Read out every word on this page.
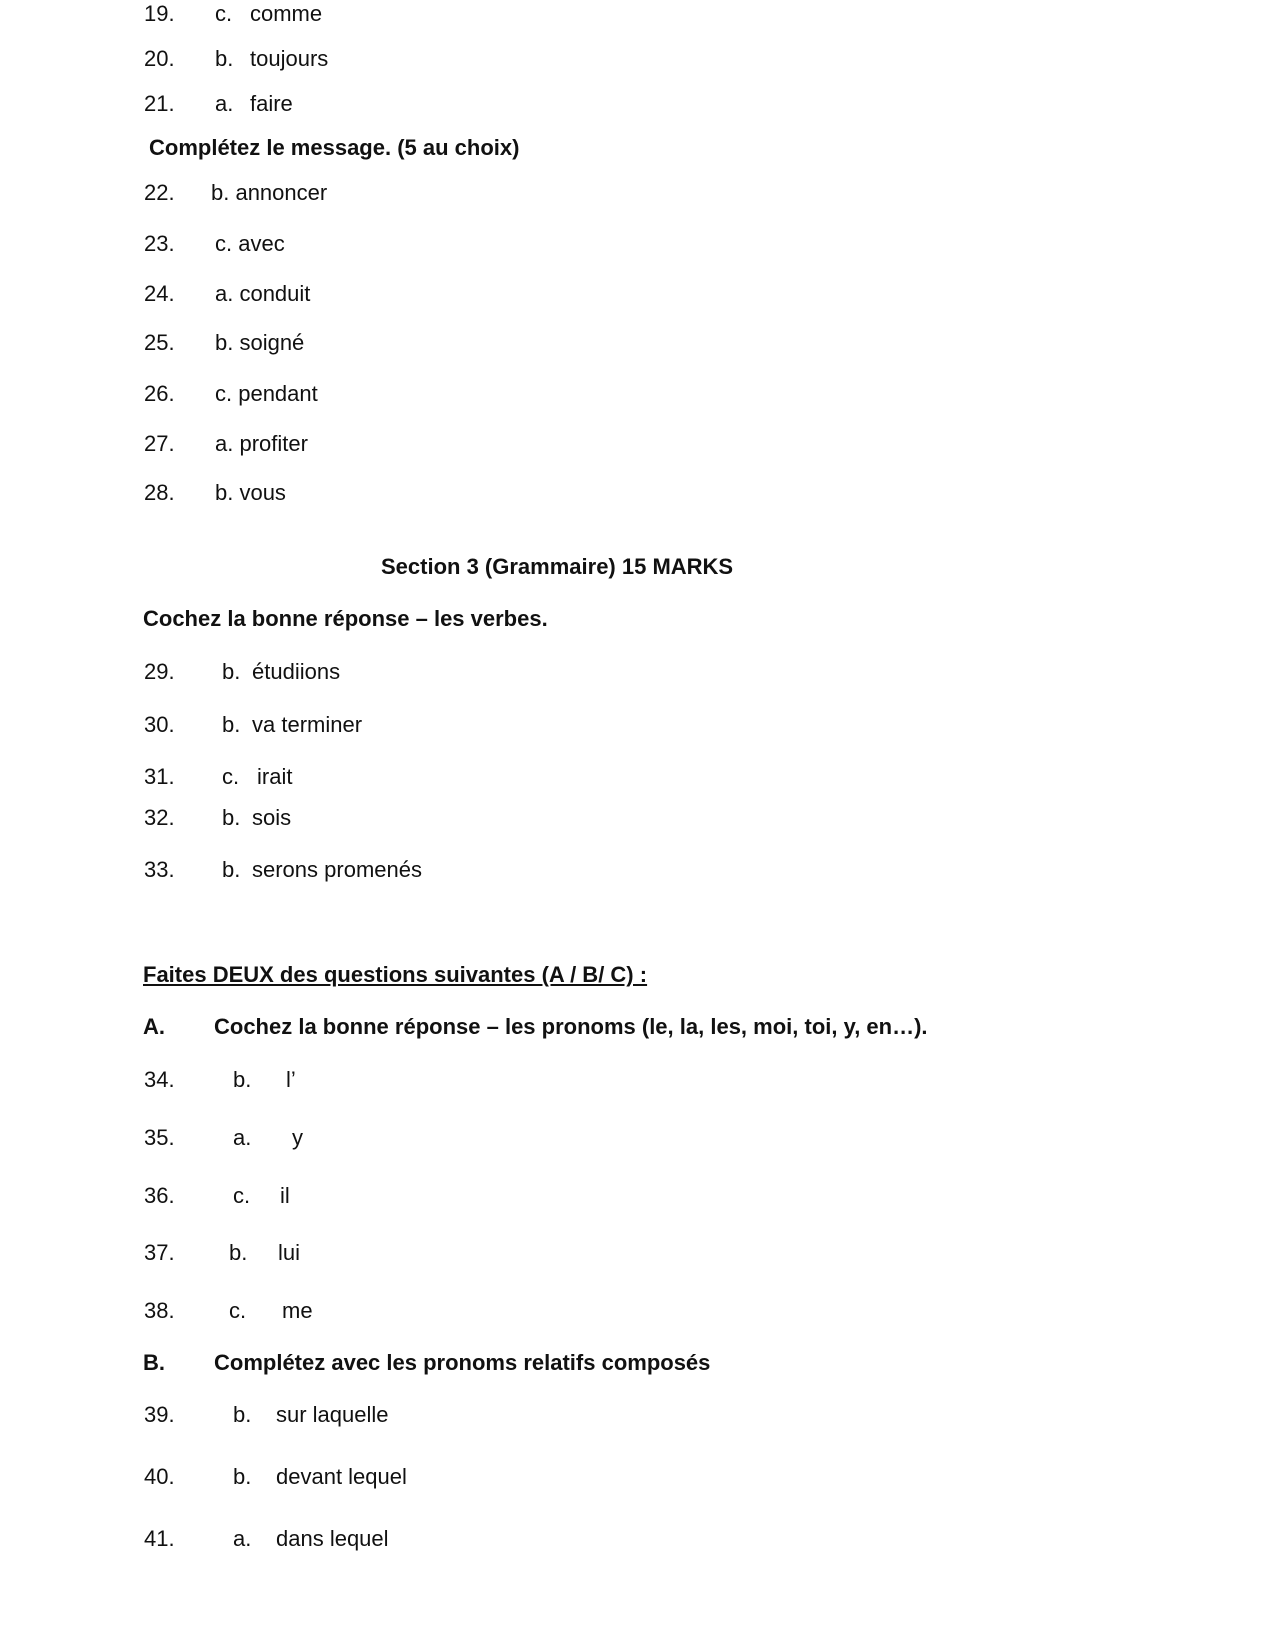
19. c. comme
20. b. toujours
21. a. faire
Complétez le message. (5 au choix)
22. b. annoncer
23. c. avec
24. a. conduit
25. b. soigné
26. c. pendant
27. a. profiter
28. b. vous
Section 3 (Grammaire) 15 MARKS
Cochez la bonne réponse – les verbes.
29. b. étudiions
30. b. va terminer
31. c. irait
32. b. sois
33. b. serons promenés
Faites DEUX des questions suivantes (A / B/ C) :
A. Cochez la bonne réponse – les pronoms (le, la, les, moi, toi, y, en…).
34.	b. l’
35.	a. y
36.	c. il
37. b. lui
38. c. me
B. Complétez avec les pronoms relatifs composés
39.	b. sur laquelle
40.	b. devant lequel
41.	a. dans lequel
